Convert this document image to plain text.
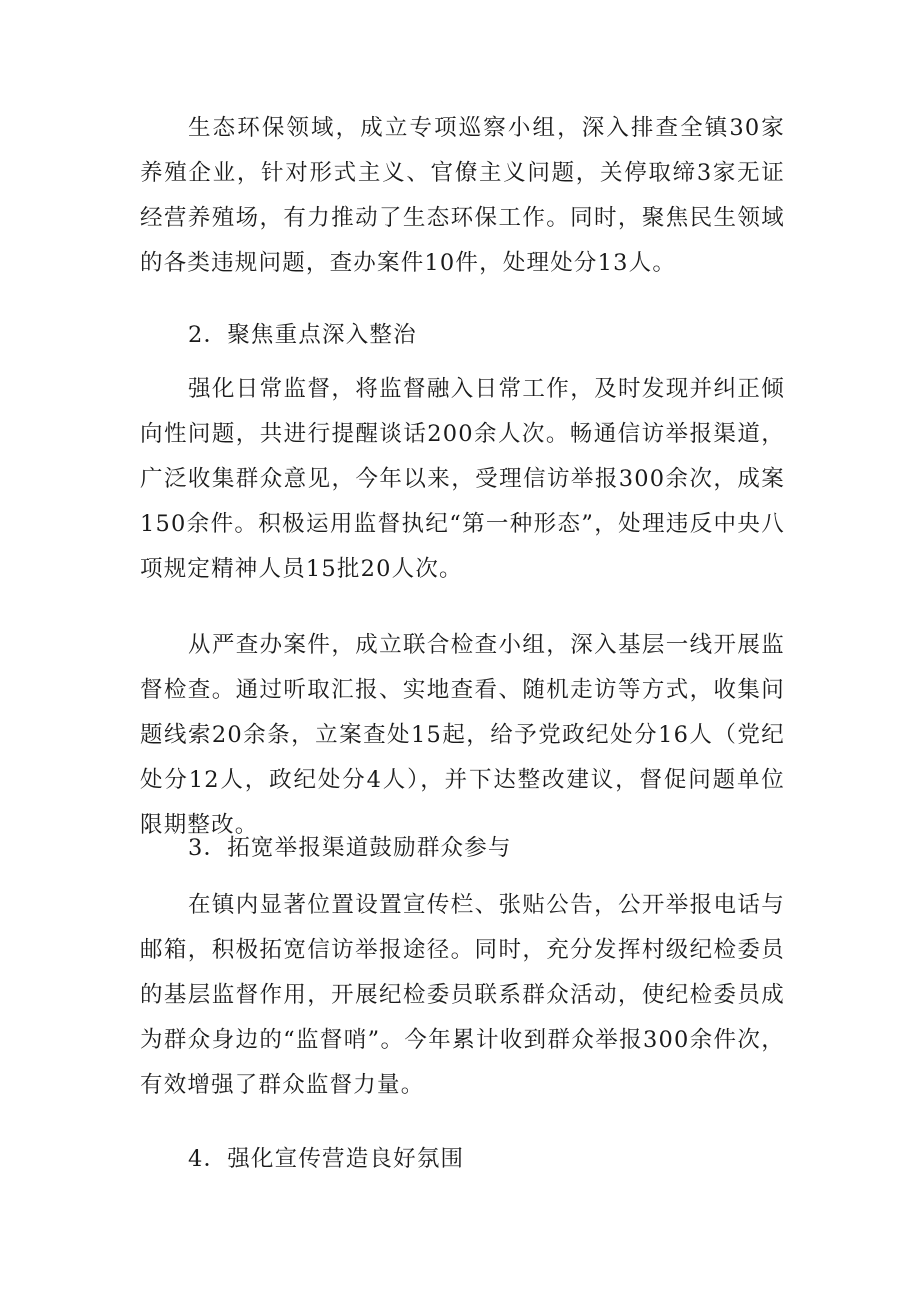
生态环保领域，成立专项巡察小组，深入排查全镇30家养殖企业，针对形式主义、官僚主义问题，关停取缔3家无证经营养殖场，有力推动了生态环保工作。同时，聚焦民生领域的各类违规问题，查办案件10件，处理处分13人。

2．聚焦重点深入整治

强化日常监督，将监督融入日常工作，及时发现并纠正倾向性问题，共进行提醒谈话200余人次。畅通信访举报渠道，广泛收集群众意见，今年以来，受理信访举报300余次，成案150余件。积极运用监督执纪“第一种形态”，处理违反中央八项规定精神人员15批20人次。

从严查办案件，成立联合检查小组，深入基层一线开展监督检查。通过听取汇报、实地查看、随机走访等方式，收集问题线索20余条，立案查处15起，给予党政纪处分16人（党纪处分12人，政纪处分4人），并下达整改建议，督促问题单位限期整改。

3．拓宽举报渠道鼓励群众参与

在镇内显著位置设置宣传栏、张贴公告，公开举报电话与邮箱，积极拓宽信访举报途径。同时，充分发挥村级纪检委员的基层监督作用，开展纪检委员联系群众活动，使纪检委员成为群众身边的“监督哨”。今年累计收到群众举报300余件次，有效增强了群众监督力量。

4．强化宣传营造良好氛围
